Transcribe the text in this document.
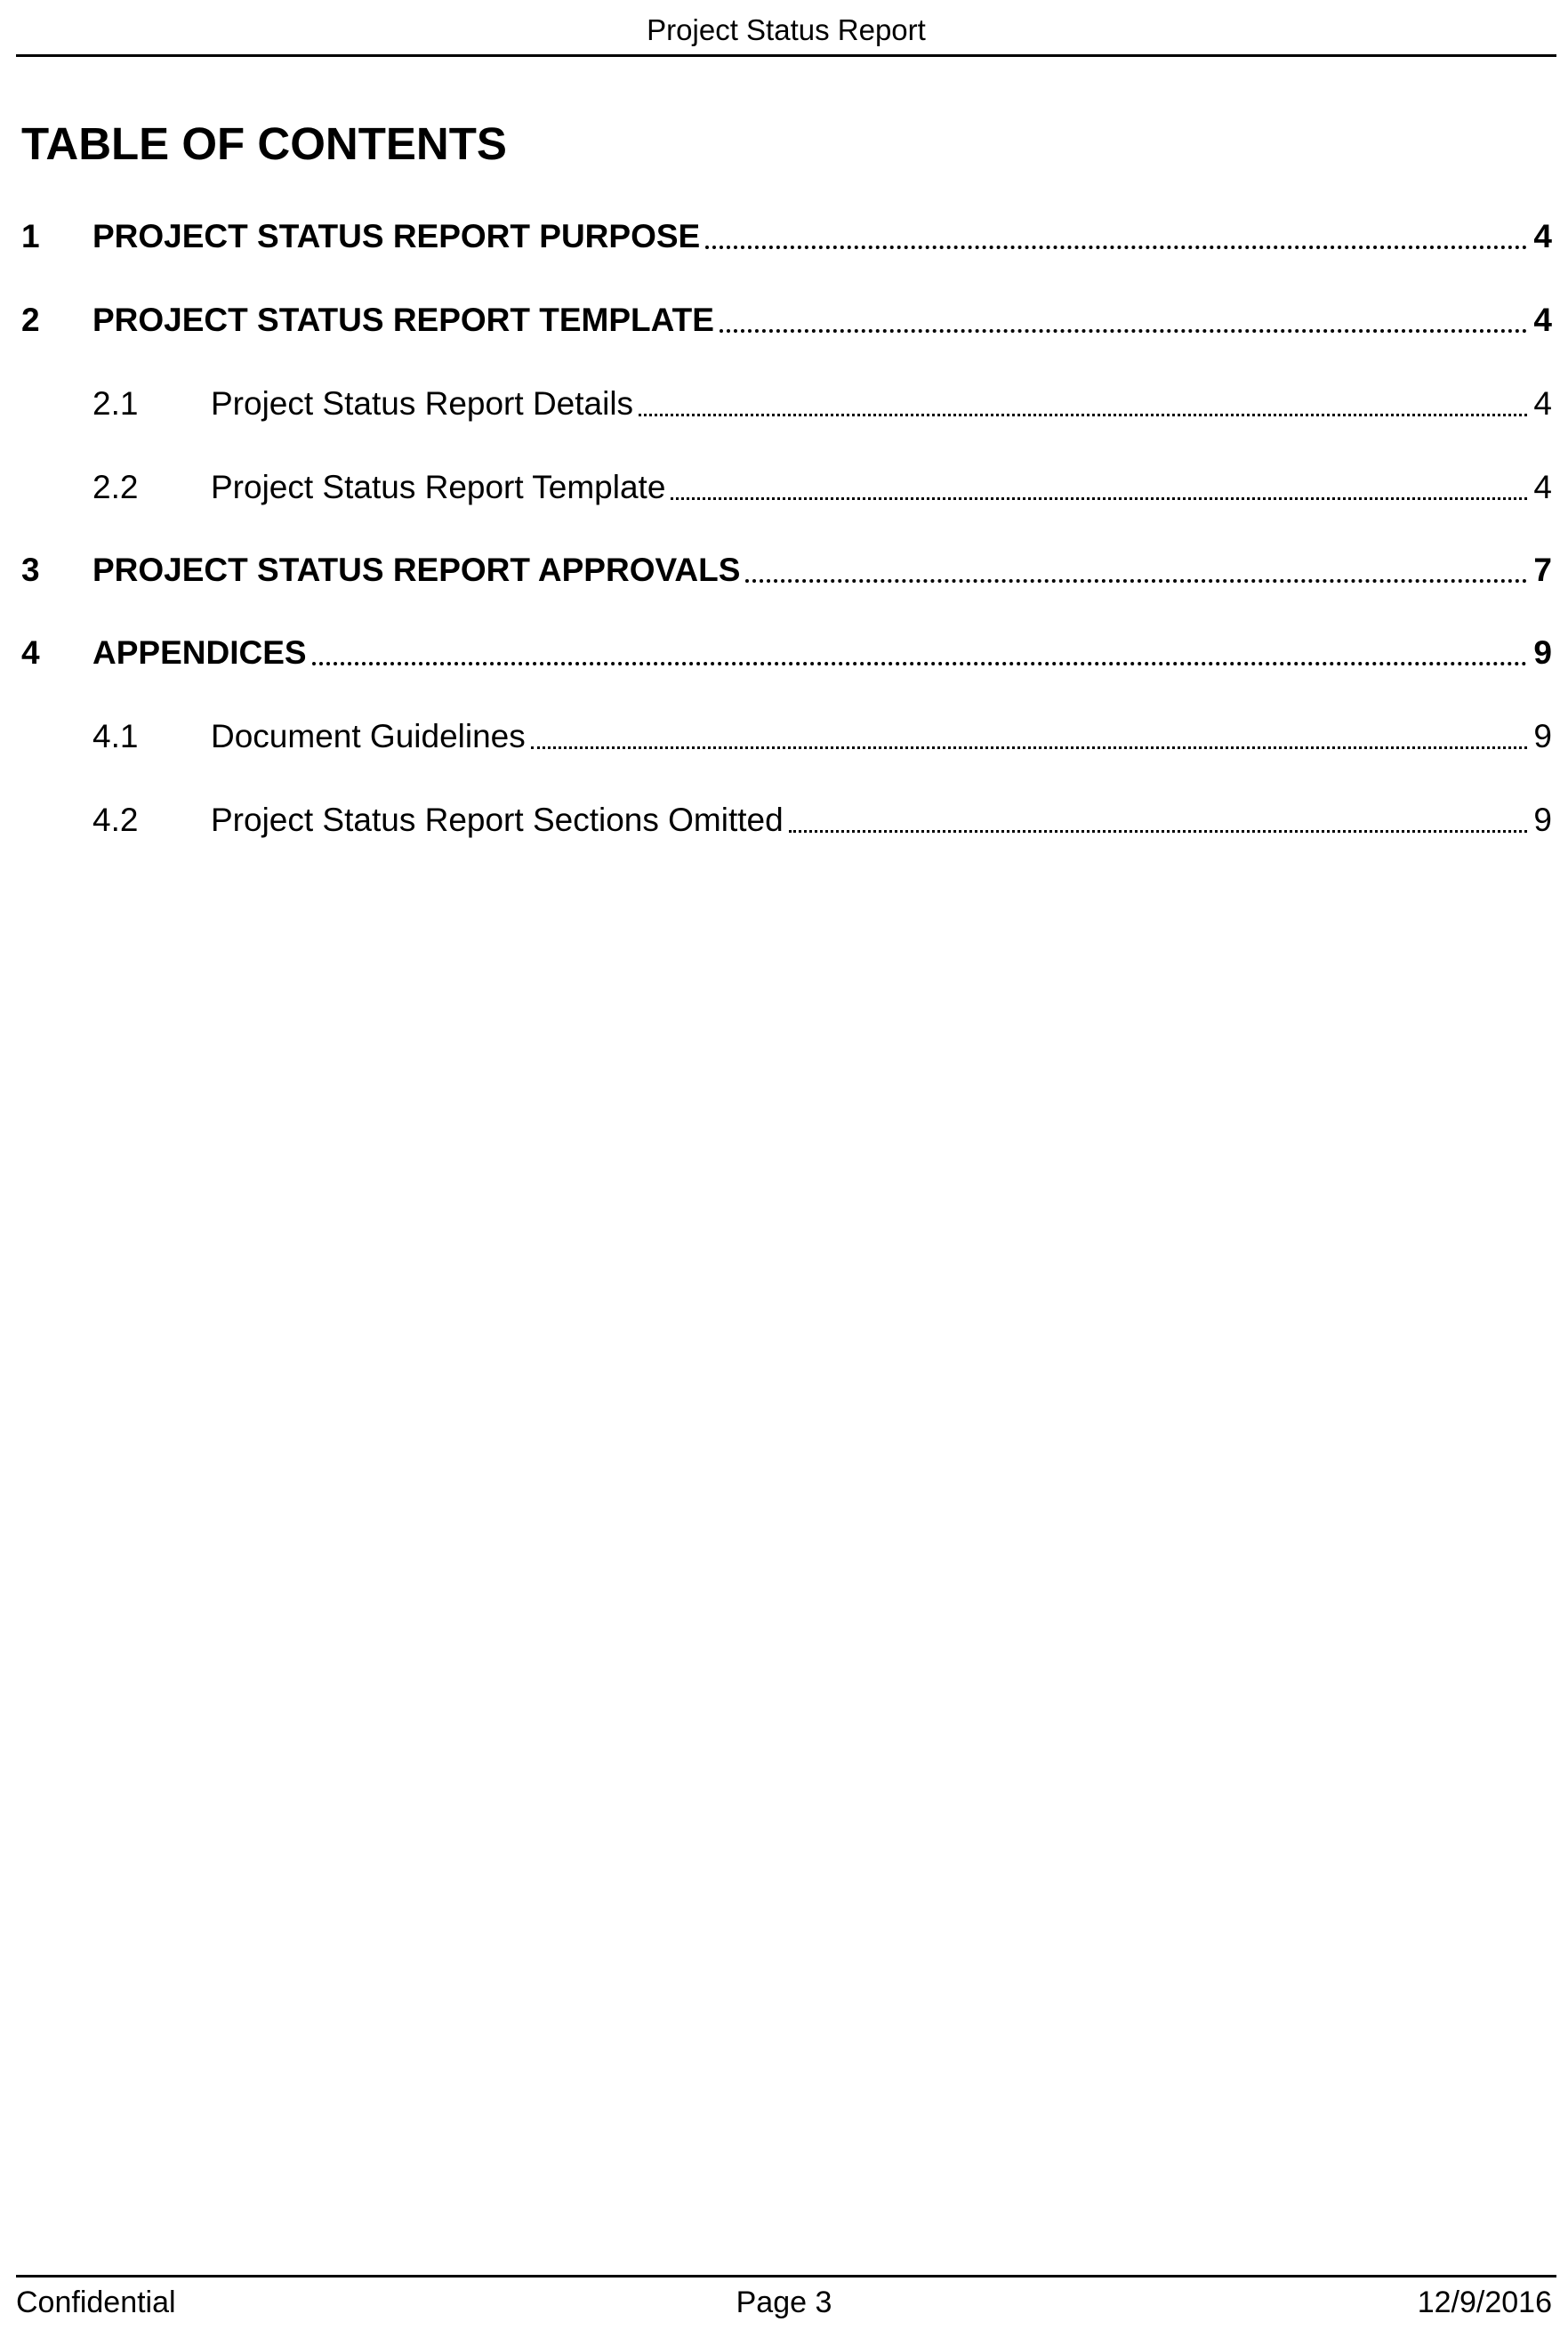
Project Status Report
TABLE OF CONTENTS
1	PROJECT STATUS REPORT PURPOSE	4
2	PROJECT STATUS REPORT TEMPLATE	4
2.1	Project Status Report Details	4
2.2	Project Status Report Template	4
3	PROJECT STATUS REPORT APPROVALS	7
4	APPENDICES	9
4.1	Document Guidelines	9
4.2	Project Status Report Sections Omitted	9
Confidential	Page 3	12/9/2016
